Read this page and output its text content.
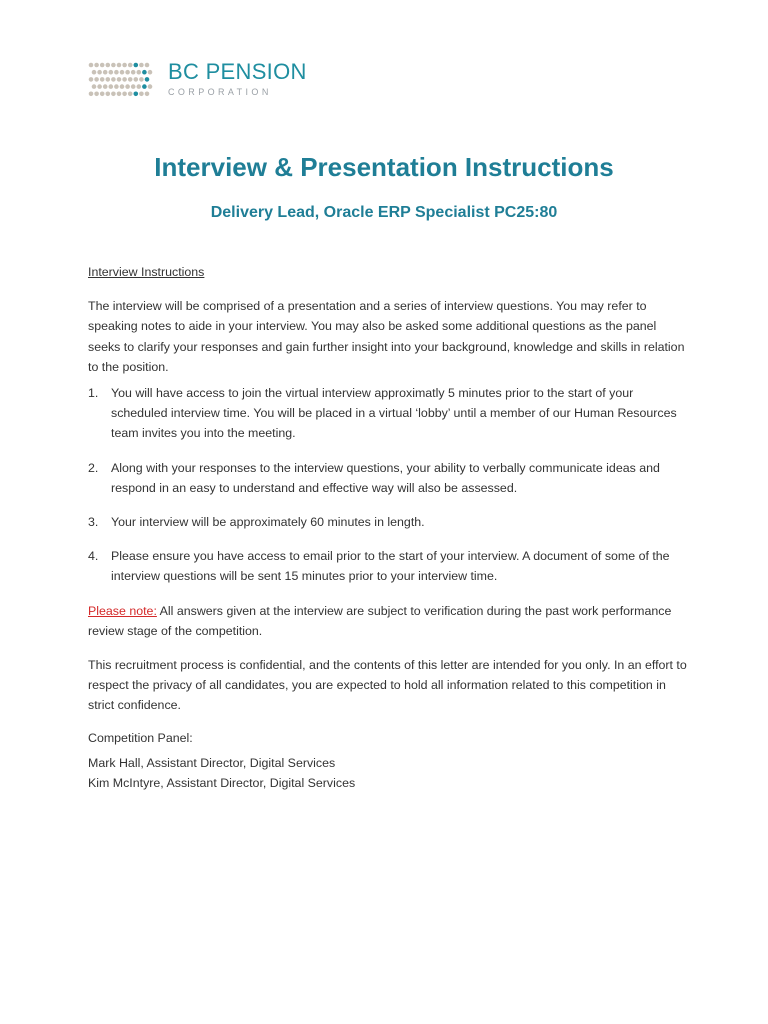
BC PENSION
CORPORATION
Interview & Presentation Instructions
Delivery Lead, Oracle ERP Specialist PC25:80
Interview Instructions

The interview will be comprised of a presentation and a series of interview questions. You may refer to speaking notes to aide in your interview. You may also be asked some additional questions as the panel seeks to clarify your responses and gain further insight into your background, knowledge and skills in relation to the position.

1. You will have access to join the virtual interview approximatly 5 minutes prior to the start of your scheduled interview time. You will be placed in a virtual ‘lobby’ until a member of our Human Resources team invites you into the meeting.
2. Along with your responses to the interview questions, your ability to verbally communicate ideas and respond in an easy to understand and effective way will also be assessed.
3. Your interview will be approximately 60 minutes in length.
4. Please ensure you have access to email prior to the start of your interview. A document of some of the interview questions will be sent 15 minutes prior to your interview time.

Please note: All answers given at the interview are subject to verification during the past work performance review stage of the competition.

This recruitment process is confidential, and the contents of this letter are intended for you only. In an effort to respect the privacy of all candidates, you are expected to hold all information related to this competition in strict confidence.

Competition Panel:

Mark Hall, Assistant Director, Digital Services
Kim McIntyre, Assistant Director, Digital Services
